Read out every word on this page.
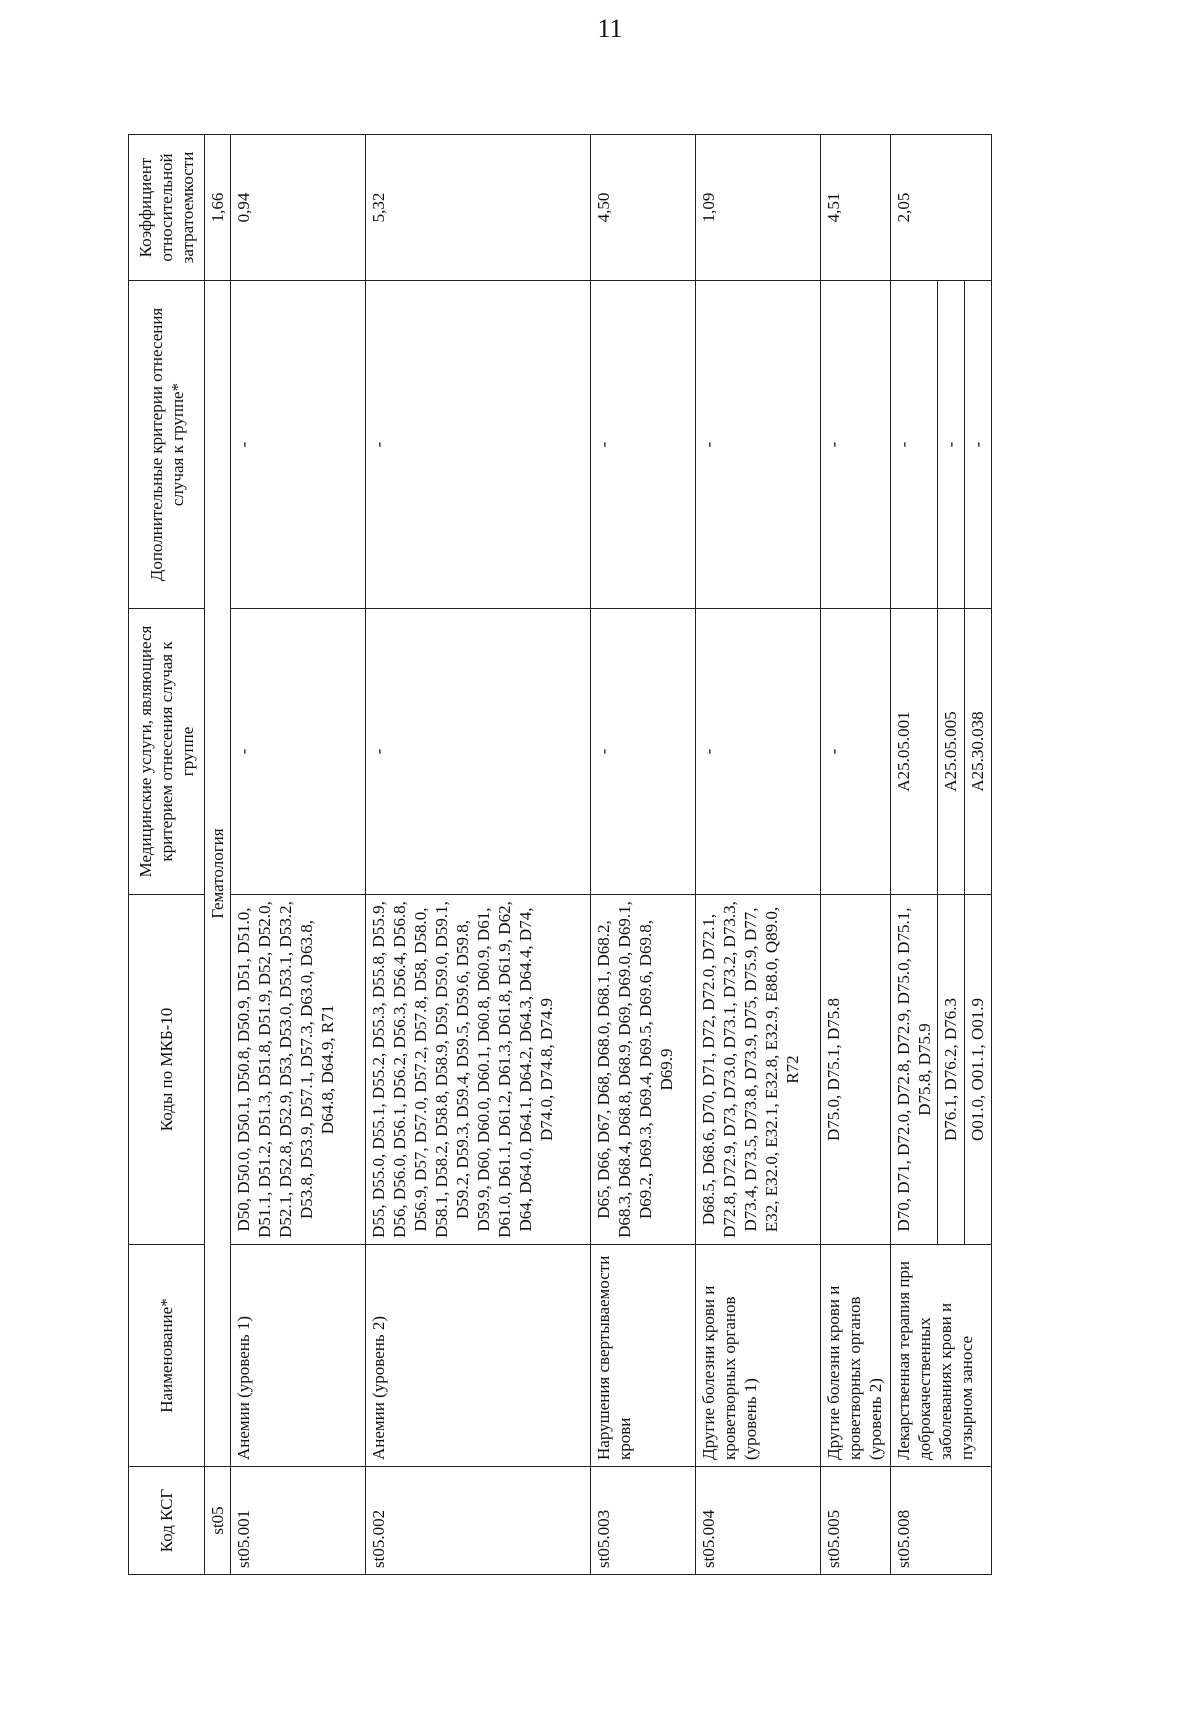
11
Код КСГ	Наименование*	Коды по МКБ-10	Медицинские услуги, являющиеся критерием отнесения случая к группе	Дополнительные критерии отнесения случая к группе*	Коэффициент относительной затратоемкости
st05	Гематология				1,66
st05.001	Анемии (уровень 1)	D50, D50.0, D50.1, D50.8, D50.9, D51, D51.0, D51.1, D51.2, D51.3, D51.8, D51.9, D52, D52.0, D52.1, D52.8, D52.9, D53, D53.0, D53.1, D53.2, D53.8, D53.9, D57.1, D57.3, D63.0, D63.8, D64.8, D64.9, R71	-	-	0,94
st05.002	Анемии (уровень 2)	D55, D55.0, D55.1, D55.2, D55.3, D55.8, D55.9, D56, D56.0, D56.1, D56.2, D56.3, D56.4, D56.8, D56.9, D57, D57.0, D57.2, D57.8, D58, D58.0, D58.1, D58.2, D58.8, D58.9, D59, D59.0, D59.1, D59.2, D59.3, D59.4, D59.5, D59.6, D59.8, D59.9, D60, D60.0, D60.1, D60.8, D60.9, D61, D61.0, D61.1, D61.2, D61.3, D61.8, D61.9, D62, D64, D64.0, D64.1, D64.2, D64.3, D64.4, D74, D74.0, D74.8, D74.9	-	-	5,32
st05.003	Нарушения свертываемости крови	D65, D66, D67, D68, D68.0, D68.1, D68.2, D68.3, D68.4, D68.8, D68.9, D69, D69.0, D69.1, D69.2, D69.3, D69.4, D69.5, D69.6, D69.8, D69.9	-	-	4,50
st05.004	Другие болезни крови и кроветворных органов (уровень 1)	D68.5, D68.6, D70, D71, D72, D72.0, D72.1, D72.8, D72.9, D73, D73.0, D73.1, D73.2, D73.3, D73.4, D73.5, D73.8, D73.9, D75, D75.9, D77, E32, E32.0, E32.1, E32.8, E32.9, E88.0, Q89.0, R72	-	-	1,09
st05.005	Другие болезни крови и кроветворных органов (уровень 2)	D75.0, D75.1, D75.8	-	-	4,51
st05.008	Лекарственная терапия при доброкачественных заболеваниях крови и пузырном заносе	D70, D71, D72.0, D72.8, D72.9, D75.0, D75.1, D75.8, D75.9	A25.05.001	-	2,05
		D76.1, D76.2, D76.3	A25.05.005	-	
		O01.0, O01.1, O01.9	A25.30.038	-	
